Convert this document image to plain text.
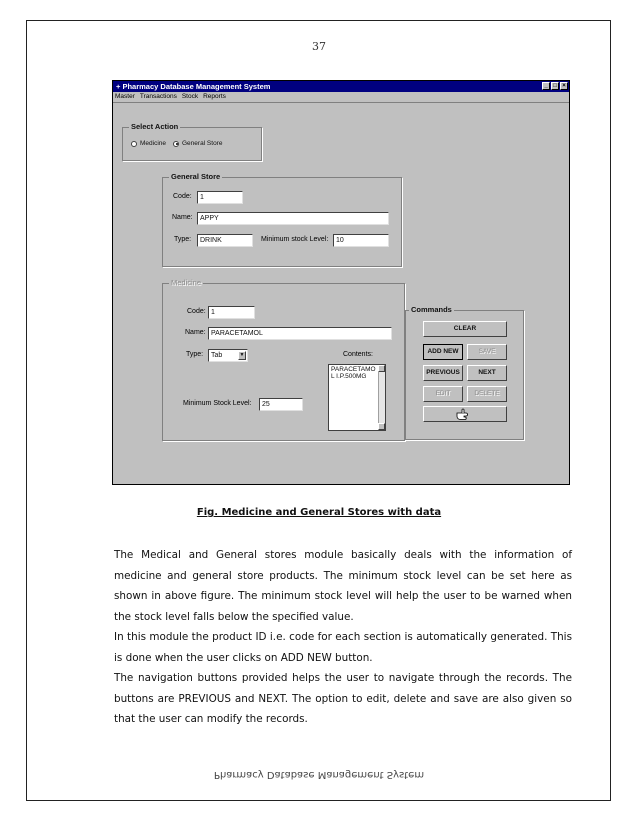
37
+ Pharmacy Database Management System	_ □ ×
Master Transactions Stock Reports
Select Action
Medicine General Store
General Store
Code:	1
Name:	APPY
Type:	DRINK	Minimum stock Level:	10
Medicine
Code: 1
Name: PARACETAMOL
Type:	Tab	▼	Contents:
PARACETAMO
L I.P.500MG
Minimum Stock Level:	25
Commands
CLEAR
ADD NEW	SAVE
PREVIOUS	NEXT
EDIT	DELETE
Fig. Medicine and General Stores with data

The Medical and General stores module basically deals with the information of medicine and general store products. The minimum stock level can be set here as shown in above figure. The minimum stock level will help the user to be warned when the stock level falls below the specified value.

In this module the product ID i.e. code for each section is automatically generated. This is done when the user clicks on ADD NEW button.

The navigation buttons provided helps the user to navigate through the records. The buttons are PREVIOUS and NEXT. The option to edit, delete and save are also given so that the user can modify the records.

Pharmacy Database Management System
